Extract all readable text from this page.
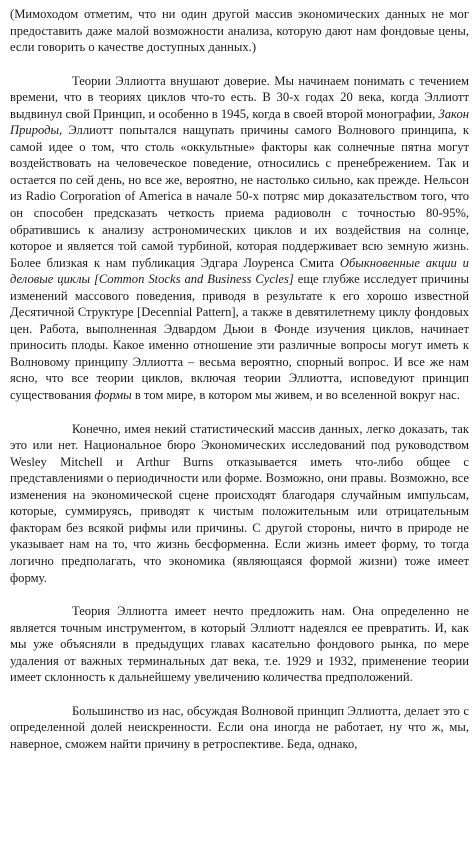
(Мимоходом отметим, что ни один другой массив экономических данных не мог предоставить даже малой возможности анализа, которую дают нам фондовые цены, если говорить о качестве доступных данных.)

Теории Эллиотта внушают доверие. Мы начинаем понимать с течением времени, что в теориях циклов что-то есть. В 30-х годах 20 века, когда Эллиотт выдвинул свой Принцип, и особенно в 1945, когда в своей второй монографии, Закон Природы, Эллиотт попытался нащупать причины самого Волнового принципа, к самой идее о том, что столь «оккультные» факторы как солнечные пятна могут воздействовать на человеческое поведение, относились с пренебрежением. Так и остается по сей день, но все же, вероятно, не настолько сильно, как прежде. Нельсон из Radio Corporation of America в начале 50-х потряс мир доказательством того, что он способен предсказать четкость приема радиоволн с точностью 80-95%, обратившись к анализу астрономических циклов и их воздействия на солнце, которое и является той самой турбиной, которая поддерживает всю земную жизнь. Более близкая к нам публикация Эдгара Лоуренса Смита Обыкновенные акции и деловые циклы [Common Stocks and Business Cycles] еще глубже исследует причины изменений массового поведения, приводя в результате к его хорошо известной Десятичной Структуре [Decennial Pattern], а также в девятилетнему циклу фондовых цен. Работа, выполненная Эдвардом Дьюи в Фонде изучения циклов, начинает приносить плоды. Какое именно отношение эти различные вопросы могут иметь к Волновому принципу Эллиотта – весьма вероятно, спорный вопрос. И все же нам ясно, что все теории циклов, включая теории Эллиотта, исповедуют принцип существования формы в том мире, в котором мы живем, и во вселенной вокруг нас.

Конечно, имея некий статистический массив данных, легко доказать, так это или нет. Национальное бюро Экономических исследований под руководством Wesley Mitchell и Arthur Burns отказывается иметь что-либо общее с представлениями о периодичности или форме. Возможно, они правы. Возможно, все изменения на экономической сцене происходят благодаря случайным импульсам, которые, суммируясь, приводят к чистым положительным или отрицательным факторам без всякой рифмы или причины. С другой стороны, ничто в природе не указывает нам на то, что жизнь бесформенна. Если жизнь имеет форму, то тогда логично предполагать, что экономика (являющаяся формой жизни) тоже имеет форму.

Теория Эллиотта имеет нечто предложить нам. Она определенно не является точным инструментом, в который Эллиотт надеялся ее превратить. И, как мы уже объясняли в предыдущих главах касательно фондового рынка, по мере удаления от важных терминальных дат века, т.е. 1929 и 1932, применение теории имеет склонность к дальнейшему увеличению количества предположений.

Большинство из нас, обсуждая Волновой принцип Эллиотта, делает это с определенной долей неискренности. Если она иногда не работает, ну что ж, мы, наверное, сможем найти причину в ретроспективе. Беда, однако,
